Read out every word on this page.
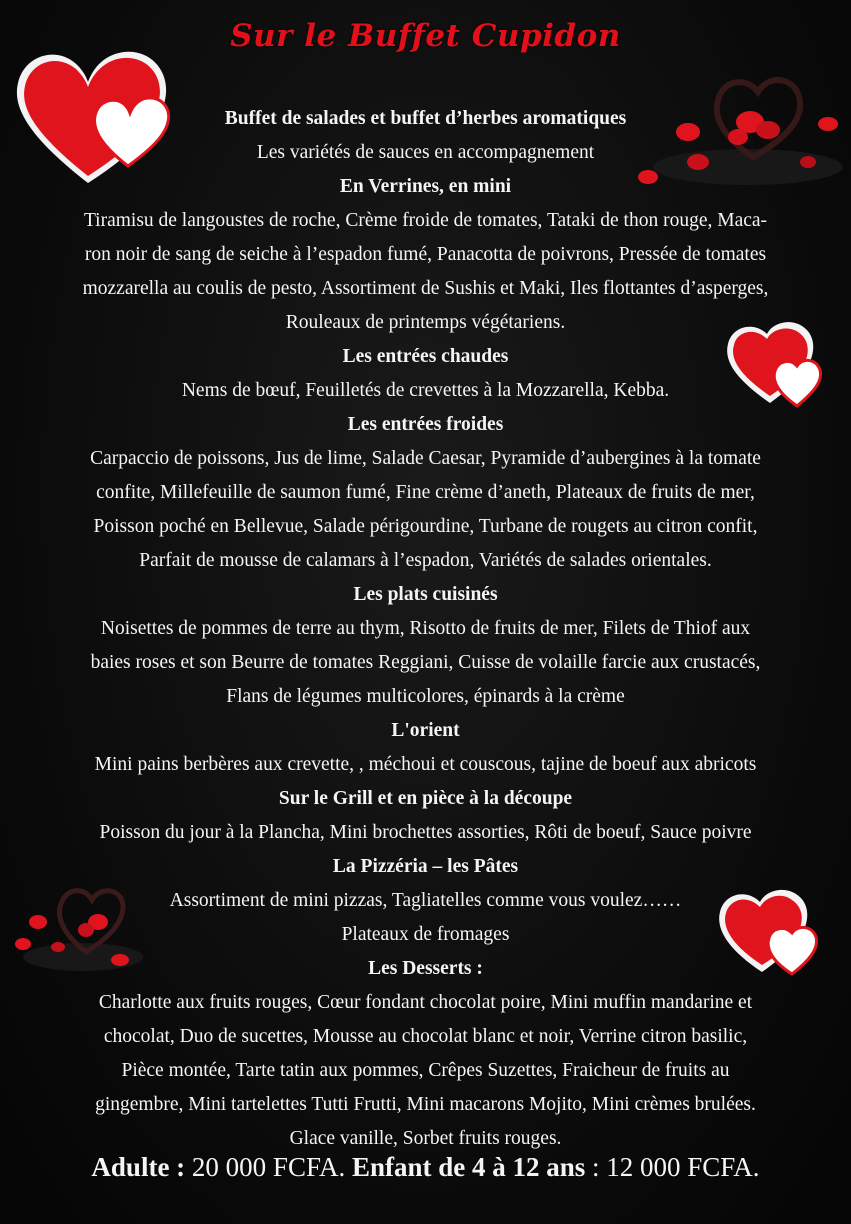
Sur le Buffet Cupidon
Buffet de salades et buffet d’herbes aromatiques
Les variétés de sauces en accompagnement
En Verrines, en mini
Tiramisu de langoustes de roche, Crème froide de tomates, Tataki de thon rouge, Maca-
ron noir de sang de seiche à l’espadon fumé, Panacotta de poivrons, Pressée de tomates
mozzarella au coulis de pesto, Assortiment de Sushis et Maki, Iles flottantes d’asperges,
Rouleaux de printemps végétariens.
Les entrées chaudes
Nems de bœuf, Feuilletés de crevettes à la Mozzarella, Kebba.
Les entrées froides
Carpaccio de poissons, Jus de lime, Salade Caesar, Pyramide d’aubergines à la tomate
confite, Millefeuille de saumon fumé, Fine crème d’aneth, Plateaux de fruits de mer,
Poisson poché en Bellevue, Salade périgourdine, Turbane de rougets au citron confit,
Parfait de mousse de calamars à l’espadon, Variétés de salades orientales.
Les plats cuisinés
Noisettes de pommes de terre au thym, Risotto de fruits de mer, Filets de Thiof aux
baies roses et son Beurre de tomates Reggiani, Cuisse de volaille farcie aux crustacés,
Flans de légumes multicolores, épinards à la crème
L'orient
Mini pains berbères aux crevette, , méchoui et couscous, tajine de boeuf aux abricots
Sur le Grill et en pièce à la découpe
Poisson du jour à la Plancha, Mini brochettes assorties, Rôti de boeuf, Sauce poivre
La Pizzéria – les Pâtes
Assortiment de mini pizzas, Tagliatelles comme vous voulez……
Plateaux de fromages
Les Desserts :
Charlotte aux fruits rouges, Cœur fondant chocolat poire, Mini muffin mandarine et
chocolat, Duo de sucettes, Mousse au chocolat blanc et noir, Verrine citron basilic,
Pièce montée, Tarte tatin aux pommes, Crêpes Suzettes, Fraicheur de fruits au
gingembre, Mini tartelettes Tutti Frutti, Mini macarons Mojito, Mini crèmes brulées.
Glace vanille, Sorbet fruits rouges.
Adulte : 20 000 FCFA. Enfant de 4 à 12 ans : 12 000 FCFA.
